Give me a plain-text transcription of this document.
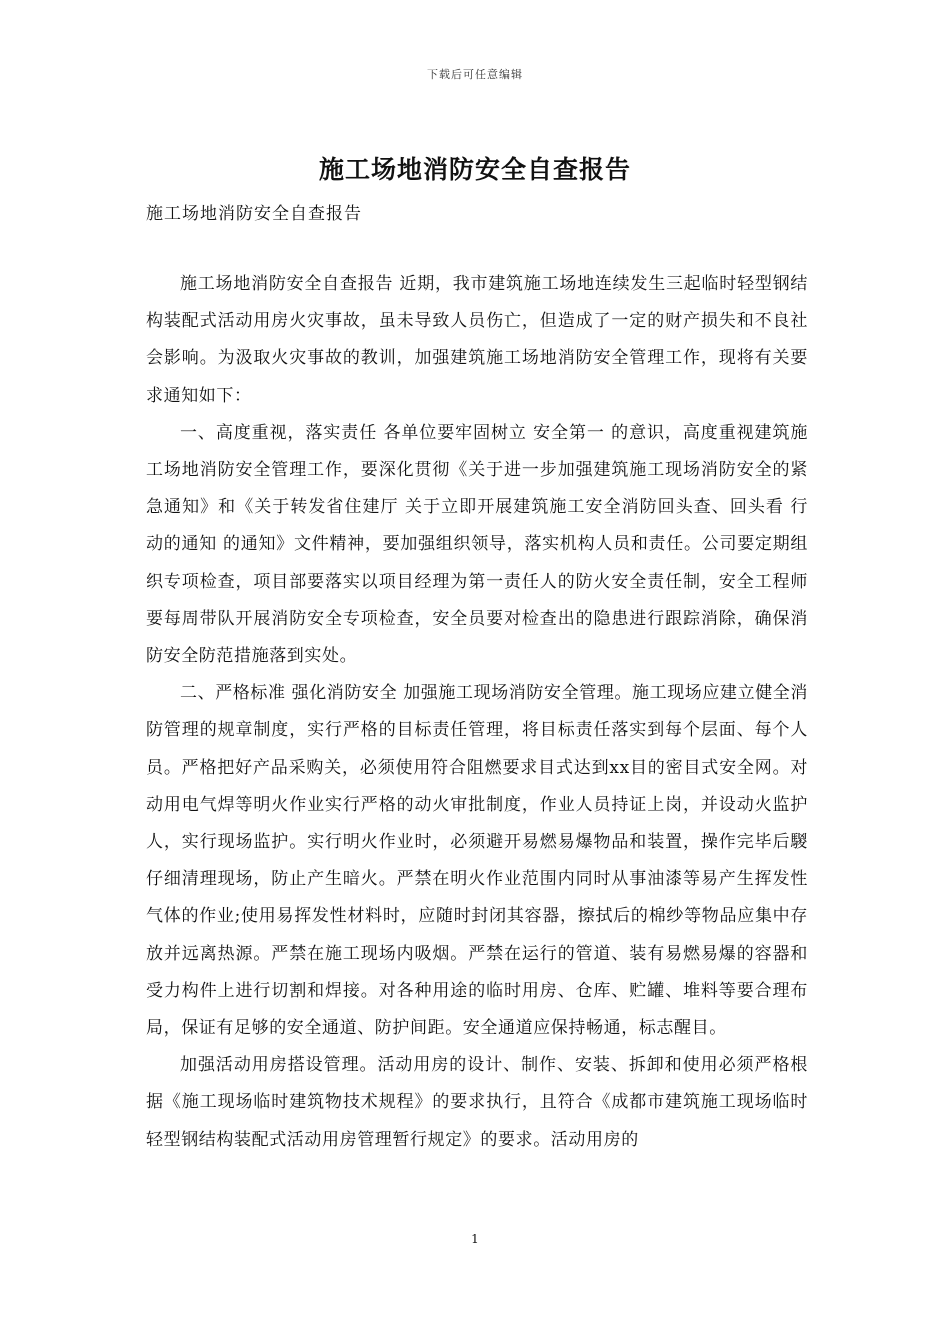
下载后可任意编辑
施工场地消防安全自查报告

施工场地消防安全自查报告

施工场地消防安全自查报告 近期，我市建筑施工场地连续发生三起临时轻型钢结构装配式活动用房火灾事故，虽未导致人员伤亡，但造成了一定的财产损失和不良社会影响。为汲取火灾事故的教训，加强建筑施工场地消防安全管理工作，现将有关要求通知如下：

一、高度重视，落实责任 各单位要牢固树立 安全第一 的意识，高度重视建筑施工场地消防安全管理工作，要深化贯彻《关于进一步加强建筑施工现场消防安全的紧急通知》和《关于转发省住建厅 关于立即开展建筑施工安全消防回头查、回头看 行动的通知 的通知》文件精神，要加强组织领导，落实机构人员和责任。公司要定期组织专项检查，项目部要落实以项目经理为第一责任人的防火安全责任制，安全工程师要每周带队开展消防安全专项检查，安全员要对检查出的隐患进行跟踪消除，确保消防安全防范措施落到实处。

二、严格标准 强化消防安全 加强施工现场消防安全管理。施工现场应建立健全消防管理的规章制度，实行严格的目标责任管理，将目标责任落实到每个层面、每个人员。严格把好产品采购关，必须使用符合阻燃要求目式达到xx目的密目式安全网。对动用电气焊等明火作业实行严格的动火审批制度，作业人员持证上岗，并设动火监护人，实行现场监护。实行明火作业时，必须避开易燃易爆物品和装置，操作完毕后騣仔细清理现场，防止产生暗火。严禁在明火作业范围内同时从事油漆等易产生挥发性气体的作业;使用易挥发性材料时，应随时封闭其容器，擦拭后的棉纱等物品应集中存放并远离热源。严禁在施工现场内吸烟。严禁在运行的管道、装有易燃易爆的容器和受力构件上进行切割和焊接。对各种用途的临时用房、仓库、贮罐、堆料等要合理布局，保证有足够的安全通道、防护间距。安全通道应保持畅通，标志醒目。

加强活动用房搭设管理。活动用房的设计、制作、安装、拆卸和使用必须严格根据《施工现场临时建筑物技术规程》的要求执行，且符合《成都市建筑施工现场临时轻型钢结构装配式活动用房管理暂行规定》的要求。活动用房的

1
